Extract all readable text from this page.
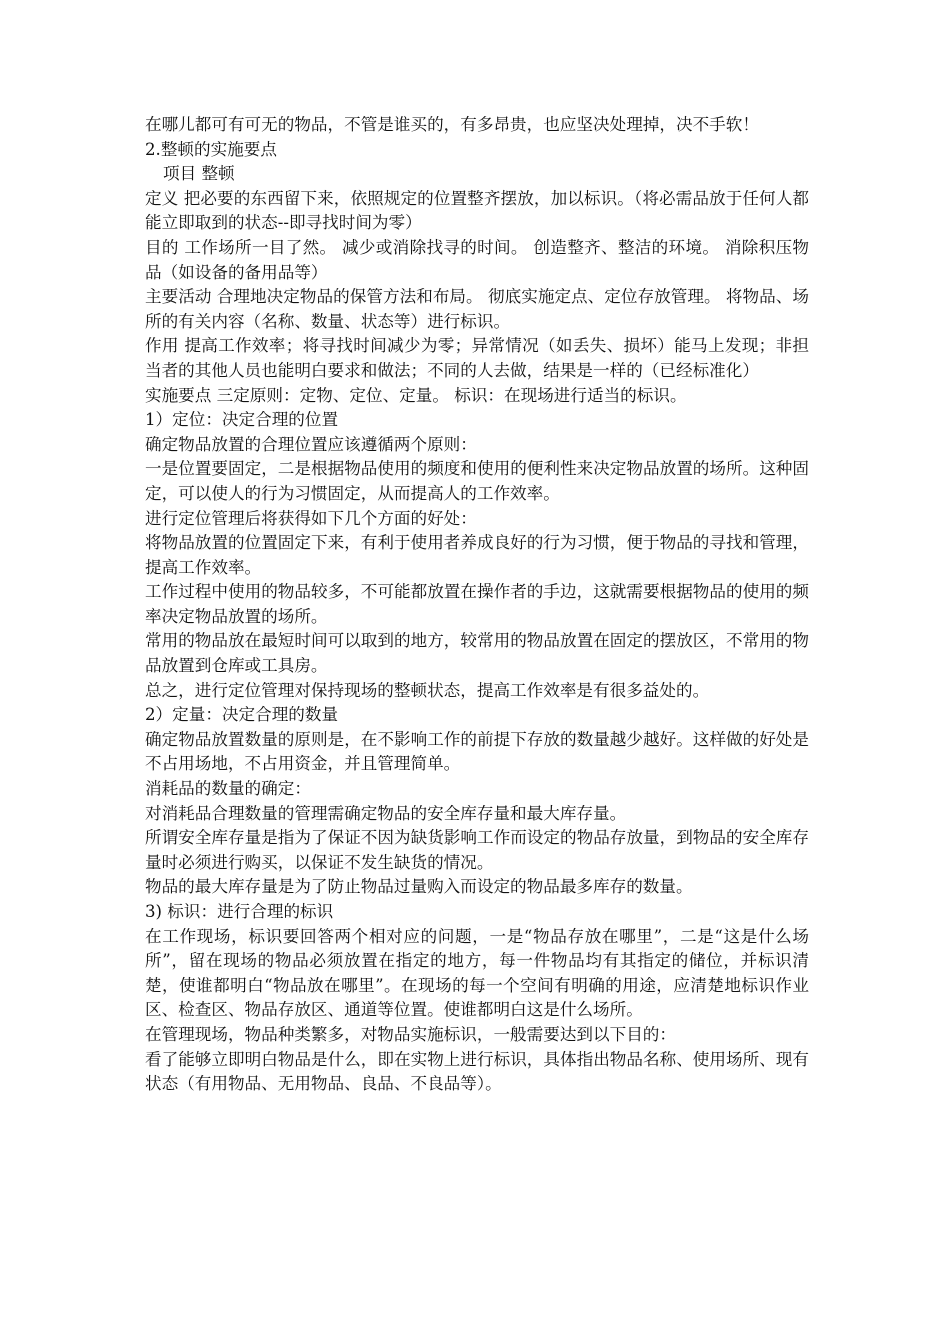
在哪儿都可有可无的物品，不管是谁买的，有多昂贵，也应坚决处理掉，决不手软！

2.整顿的实施要点

项目 整顿

定义 把必要的东西留下来，依照规定的位置整齐摆放，加以标识。（将必需品放于任何人都能立即取到的状态--即寻找时间为零）

目的 工作场所一目了然。 减少或消除找寻的时间。 创造整齐、整洁的环境。 消除积压物品（如设备的备用品等）

主要活动 合理地决定物品的保管方法和布局。 彻底实施定点、定位存放管理。 将物品、场所的有关内容（名称、数量、状态等）进行标识。

作用 提高工作效率；将寻找时间减少为零；异常情况（如丢失、损坏）能马上发现；非担当者的其他人员也能明白要求和做法；不同的人去做，结果是一样的（已经标准化）

实施要点 三定原则：定物、定位、定量。 标识：在现场进行适当的标识。

1）定位：决定合理的位置

确定物品放置的合理位置应该遵循两个原则：

一是位置要固定，二是根据物品使用的频度和使用的便利性来决定物品放置的场所。这种固定，可以使人的行为习惯固定，从而提高人的工作效率。

进行定位管理后将获得如下几个方面的好处：

将物品放置的位置固定下来，有利于使用者养成良好的行为习惯，便于物品的寻找和管理，提高工作效率。

工作过程中使用的物品较多，不可能都放置在操作者的手边，这就需要根据物品的使用的频率决定物品放置的场所。

常用的物品放在最短时间可以取到的地方，较常用的物品放置在固定的摆放区，不常用的物品放置到仓库或工具房。

总之，进行定位管理对保持现场的整顿状态，提高工作效率是有很多益处的。

2）定量：决定合理的数量

确定物品放置数量的原则是，在不影响工作的前提下存放的数量越少越好。这样做的好处是不占用场地，不占用资金，并且管理简单。

消耗品的数量的确定：

对消耗品合理数量的管理需确定物品的安全库存量和最大库存量。

所谓安全库存量是指为了保证不因为缺货影响工作而设定的物品存放量，到物品的安全库存量时必须进行购买，以保证不发生缺货的情况。

物品的最大库存量是为了防止物品过量购入而设定的物品最多库存的数量。

3) 标识：进行合理的标识

在工作现场，标识要回答两个相对应的问题，一是“物品存放在哪里”，二是“这是什么场所”，留在现场的物品必须放置在指定的地方，每一件物品均有其指定的储位，并标识清楚，使谁都明白“物品放在哪里”。在现场的每一个空间有明确的用途，应清楚地标识作业区、检查区、物品存放区、通道等位置。使谁都明白这是什么场所。

在管理现场，物品种类繁多，对物品实施标识，一般需要达到以下目的：

看了能够立即明白物品是什么，即在实物上进行标识，具体指出物品名称、使用场所、现有状态（有用物品、无用物品、良品、不良品等）。
